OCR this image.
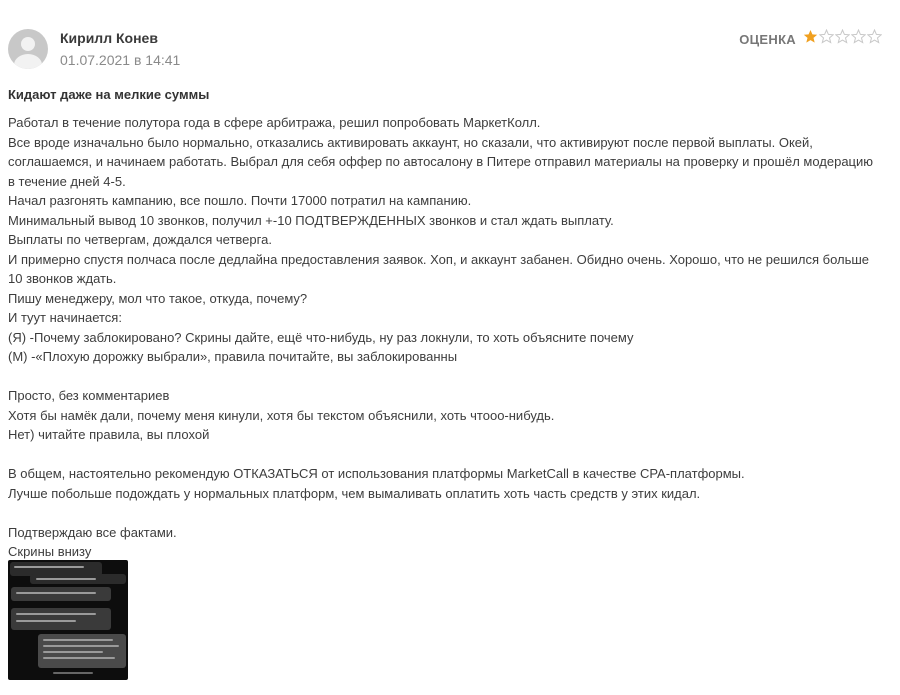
Кирилл Конев
01.07.2021 в 14:41
ОЦЕНКА
Кидают даже на мелкие суммы

Работал в течение полутора года в сфере арбитража, решил попробовать МаркетКолл.

Все вроде изначально было нормально, отказались активировать аккаунт, но сказали, что активируют после первой выплаты. Окей, соглашаемся, и начинаем работать. Выбрал для себя оффер по автосалону в Питере отправил материалы на проверку и прошёл модерацию в течение дней 4-5.

Начал разгонять кампанию, все пошло. Почти 17000 потратил на кампанию.

Минимальный вывод 10 звонков, получил +-10 ПОДТВЕРЖДЕННЫХ звонков и стал ждать выплату.

Выплаты по четвергам, дождался четверга.

И примерно спустя полчаса после дедлайна предоставления заявок. Хоп, и аккаунт забанен. Обидно очень. Хорошо, что не решился больше 10 звонков ждать.

Пишу менеджеру, мол что такое, откуда, почему?

И туут начинается:

(Я) -Почему заблокировано? Скрины дайте, ещё что-нибудь, ну раз локнули, то хоть объясните почему

(М) -«Плохую дорожку выбрали», правила почитайте, вы заблокированны

Просто, без комментариев

Хотя бы намёк дали, почему меня кинули, хотя бы текстом объяснили, хоть чтооо-нибудь.

Нет) читайте правила, вы плохой

В общем, настоятельно рекомендую ОТКАЗАТЬСЯ от использования платформы MarketCall в качестве CPA-платформы.

Лучше побольше подождать у нормальных платформ, чем вымаливать оплатить хоть часть средств у этих кидал.

Подтверждаю все фактами.

Скрины внизу
